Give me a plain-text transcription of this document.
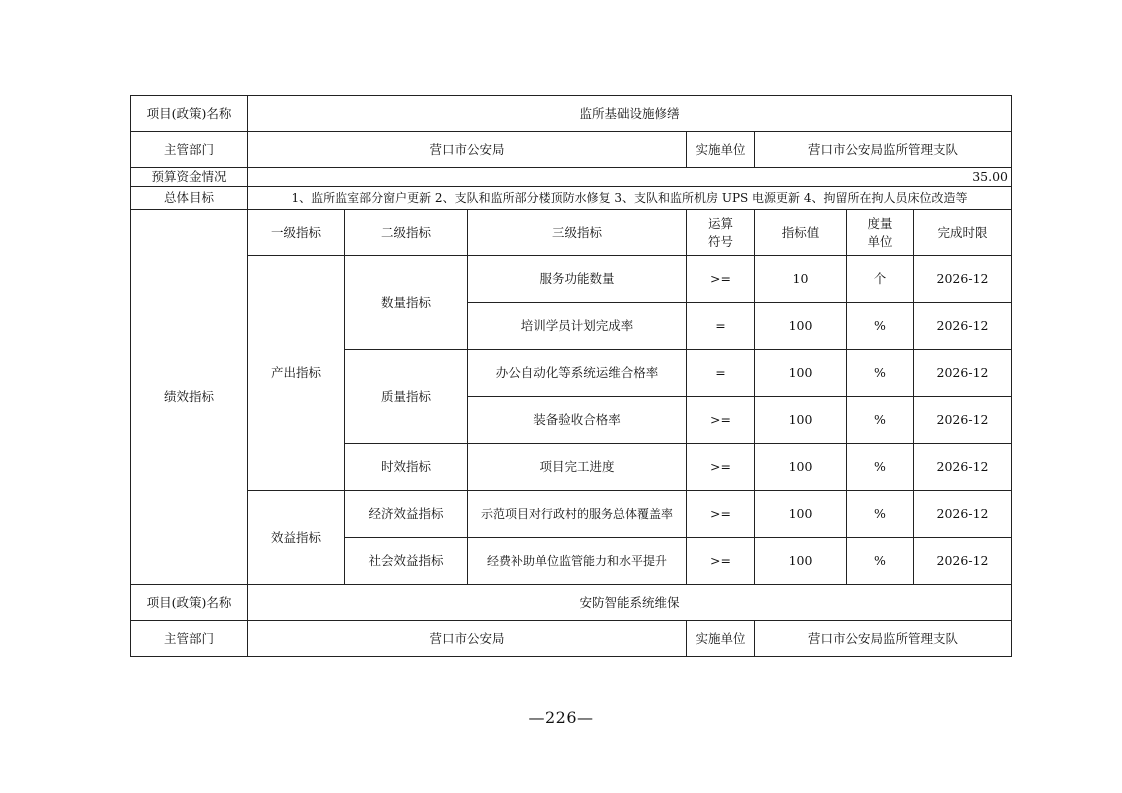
项目(政策)名称	监所基础设施修缮						
主管部门	营口市公安局			实施单位	营口市公安局监所管理支队		
预算资金情况	35.00						
总体目标	1、监所监室部分窗户更新 2、支队和监所部分楼顶防水修复 3、支队和监所机房 UPS 电源更新 4、拘留所在拘人员床位改造等						
绩效指标	一级指标	二级指标	三级指标	运算符号	指标值	度量单位	完成时限
	产出指标	数量指标	服务功能数量	>=	10	个	2026-12
			培训学员计划完成率	=	100	%	2026-12
		质量指标	办公自动化等系统运维合格率	=	100	%	2026-12
			装备验收合格率	>=	100	%	2026-12
		时效指标	项目完工进度	>=	100	%	2026-12
	效益指标	经济效益指标	示范项目对行政村的服务总体覆盖率	>=	100	%	2026-12
		社会效益指标	经费补助单位监管能力和水平提升	>=	100	%	2026-12
项目(政策)名称	安防智能系统维保						
主管部门	营口市公安局			实施单位	营口市公安局监所管理支队		
—226—
